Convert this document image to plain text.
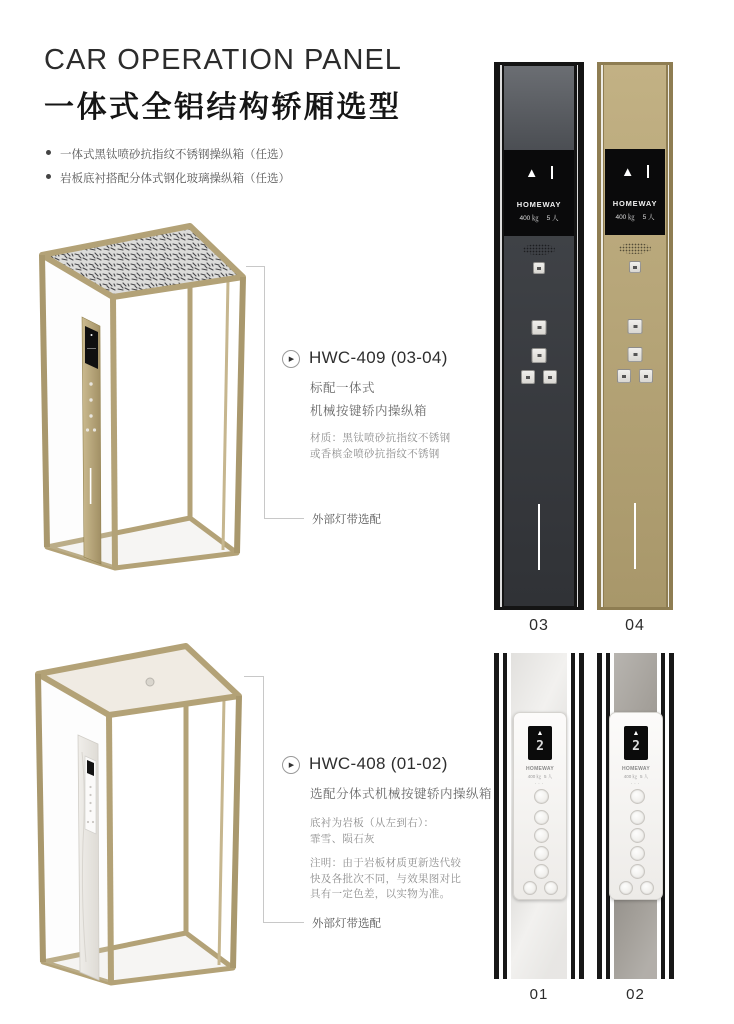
CAR OPERATION PANEL
一体式全铝结构轿厢选型
一体式黑钛喷砂抗指纹不锈钢操纵箱（任选）
岩板底衬搭配分体式钢化玻璃操纵箱（任选）
外部灯带选配
▶ HWC-409 (03-04)
标配一体式
机械按键轿内操纵箱
材质：黑钛喷砂抗指纹不锈钢
或香槟金喷砂抗指纹不锈钢
▲
HOMEWAY
400 ㎏ 5 人
03
▲
HOMEWAY
400 ㎏ 5 人
04
外部灯带选配
▶ HWC-408 (01-02)
选配分体式机械按键轿内操纵箱
底衬为岩板（从左到右）：
霏雪、陨石灰
注明：由于岩板材质更新迭代较
快及各批次不同，与效果图对比
具有一定色差，以实物为准。
▲
2
HOMEWAY
400 ㎏ 5 人
···
01
▲
2
HOMEWAY
400 ㎏ 5 人
···
02
